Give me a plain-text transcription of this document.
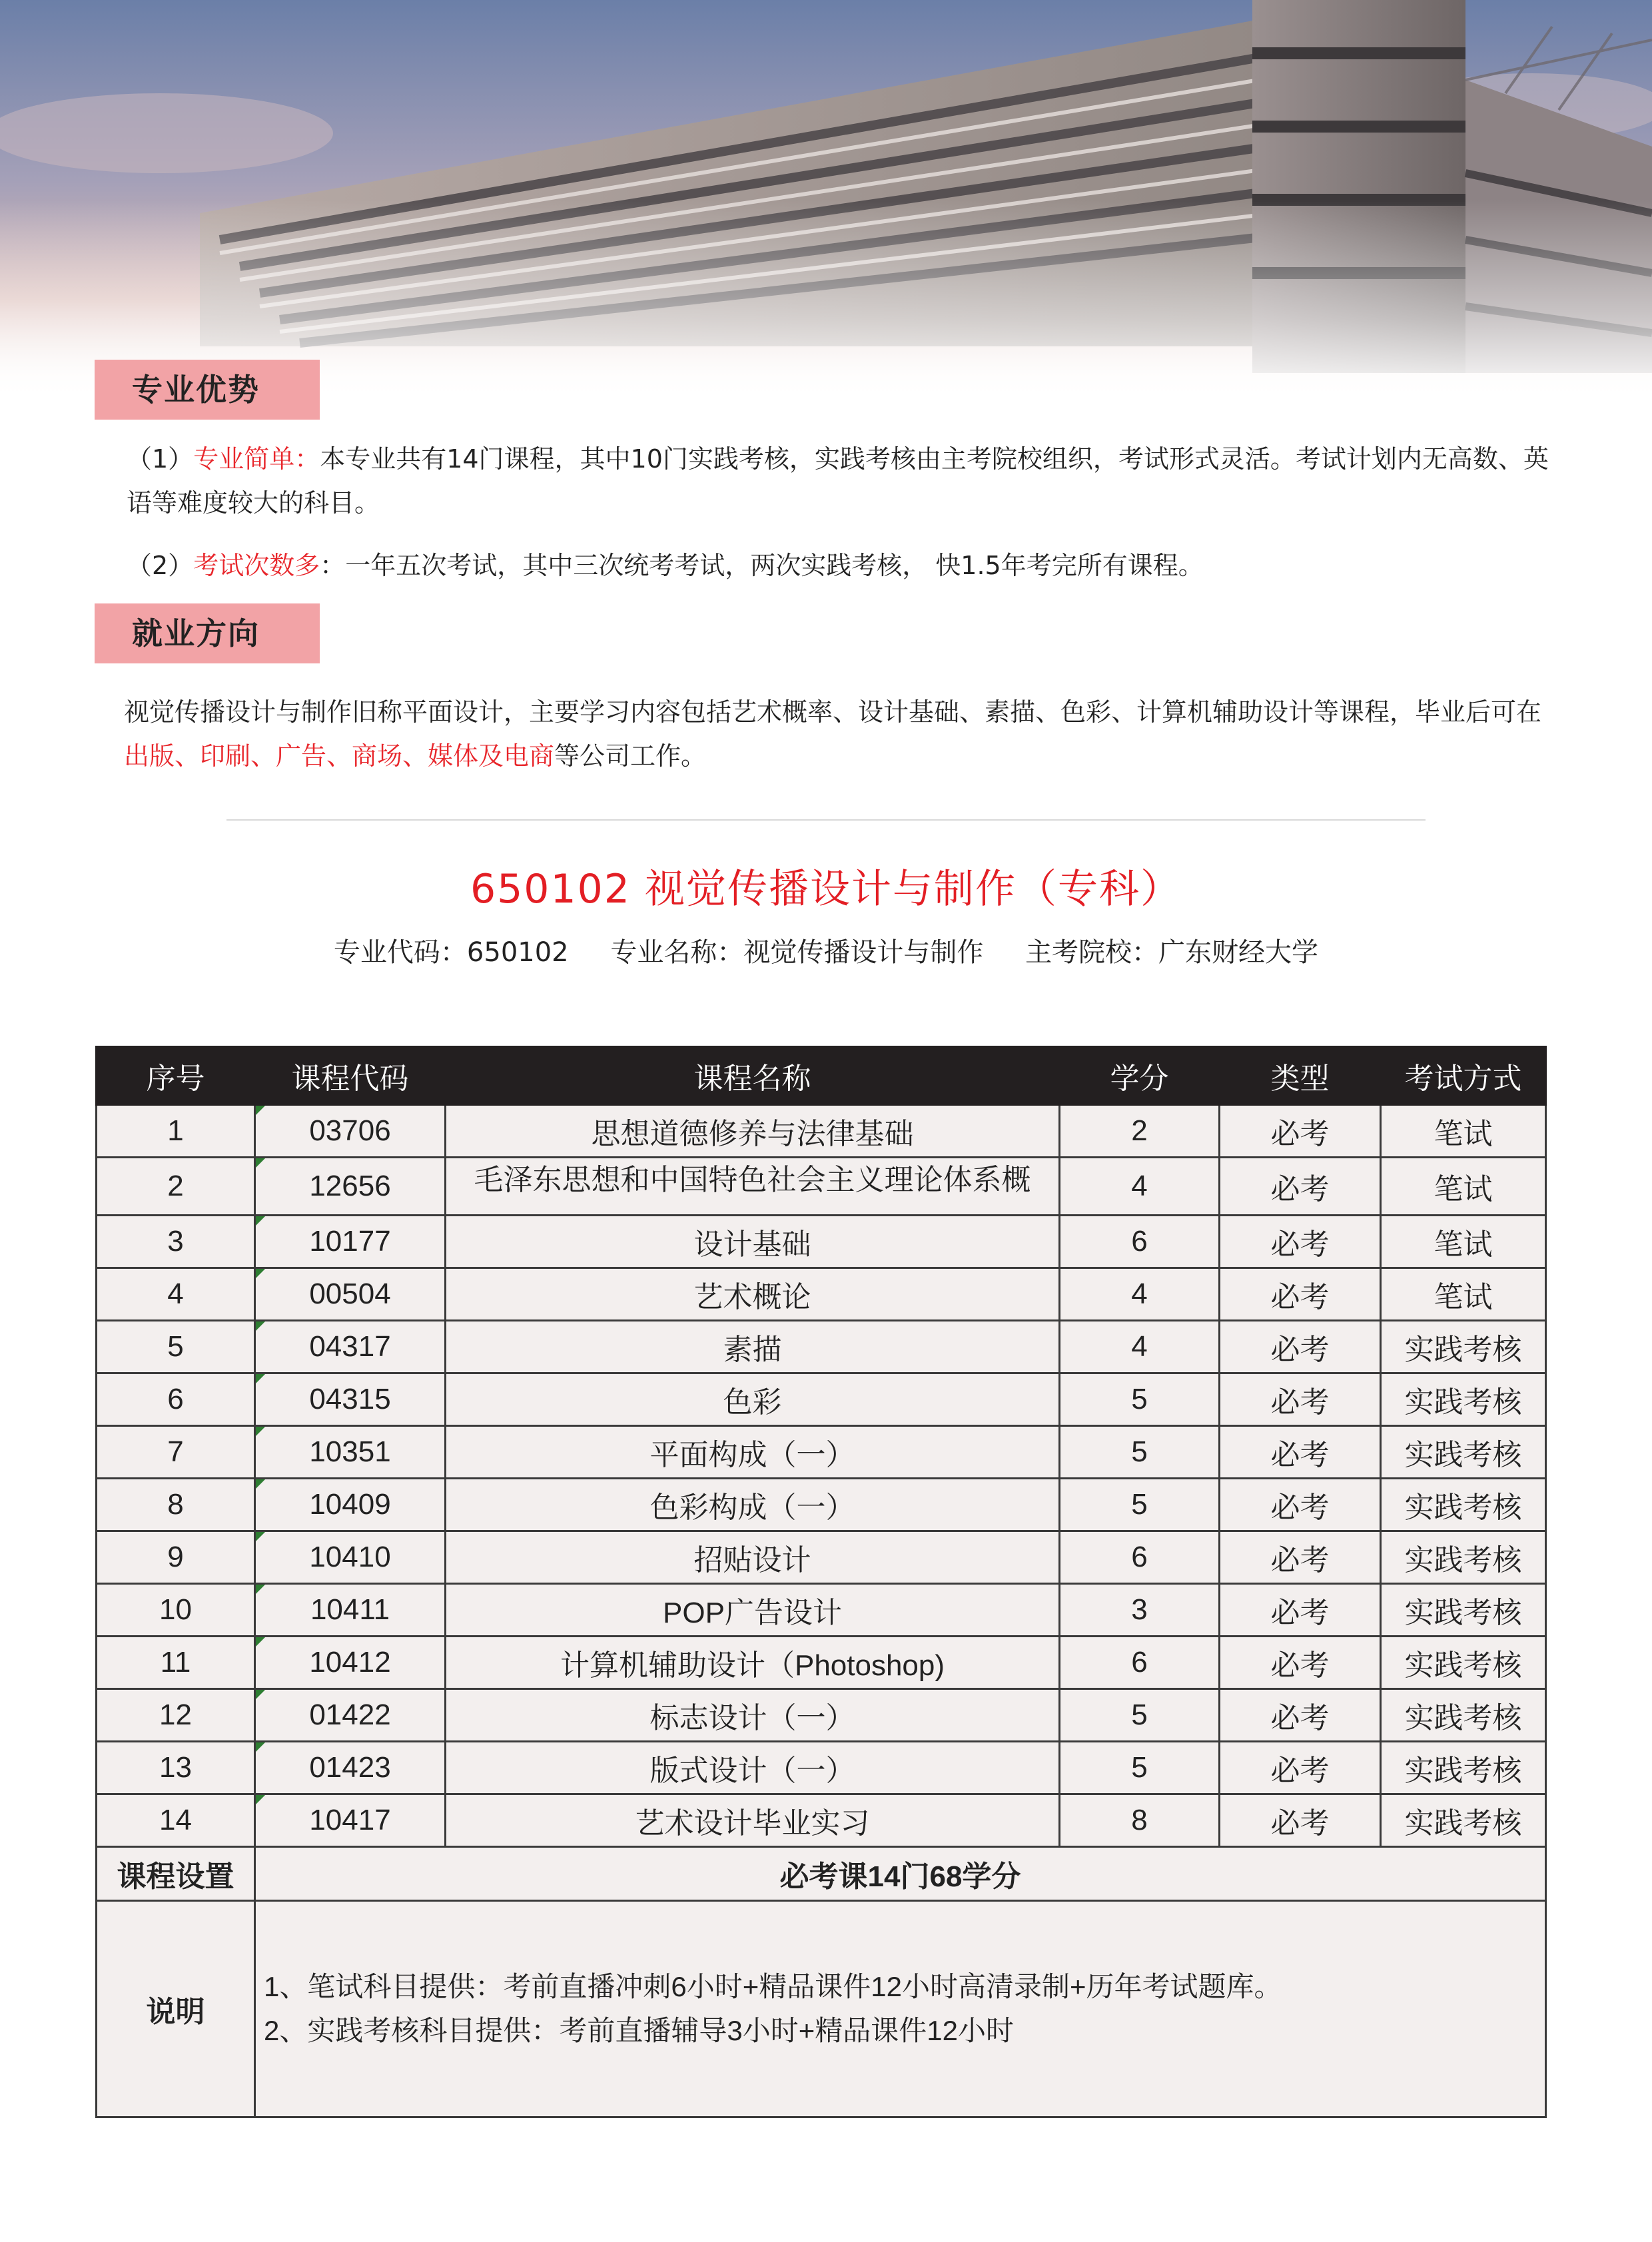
专业优势
（1）专业简单：本专业共有14门课程，其中10门实践考核，实践考核由主考院校组织，考试形式灵活。考试计划内无高数、英语等难度较大的科目。
（2）考试次数多：一年五次考试，其中三次统考考试，两次实践考核， 快1.5年考完所有课程。
就业方向
视觉传播设计与制作旧称平面设计，主要学习内容包括艺术概率、设计基础、素描、色彩、计算机辅助设计等课程，毕业后可在出版、印刷、广告、商场、媒体及电商等公司工作。
650102 视觉传播设计与制作（专科）
专业代码：650102 专业名称：视觉传播设计与制作 主考院校：广东财经大学
序号	课程代码	课程名称	学分	类型	考试方式
1	03706	思想道德修养与法律基础	2	必考	笔试
2	12656	毛泽东思想和中国特色社会主义理论体系概	4	必考	笔试
3	10177	设计基础	6	必考	笔试
4	00504	艺术概论	4	必考	笔试
5	04317	素描	4	必考	实践考核
6	04315	色彩	5	必考	实践考核
7	10351	平面构成（一）	5	必考	实践考核
8	10409	色彩构成（一）	5	必考	实践考核
9	10410	招贴设计	6	必考	实践考核
10	10411	POP广告设计	3	必考	实践考核
11	10412	计算机辅助设计（Photoshop)	6	必考	实践考核
12	01422	标志设计（一）	5	必考	实践考核
13	01423	版式设计（一）	5	必考	实践考核
14	10417	艺术设计毕业实习	8	必考	实践考核
课程设置	必考课14门68学分				
说明	1、笔试科目提供：考前直播冲刺6小时+精品课件12小时高清录制+历年考试题库。
2、实践考核科目提供：考前直播辅导3小时+精品课件12小时				
